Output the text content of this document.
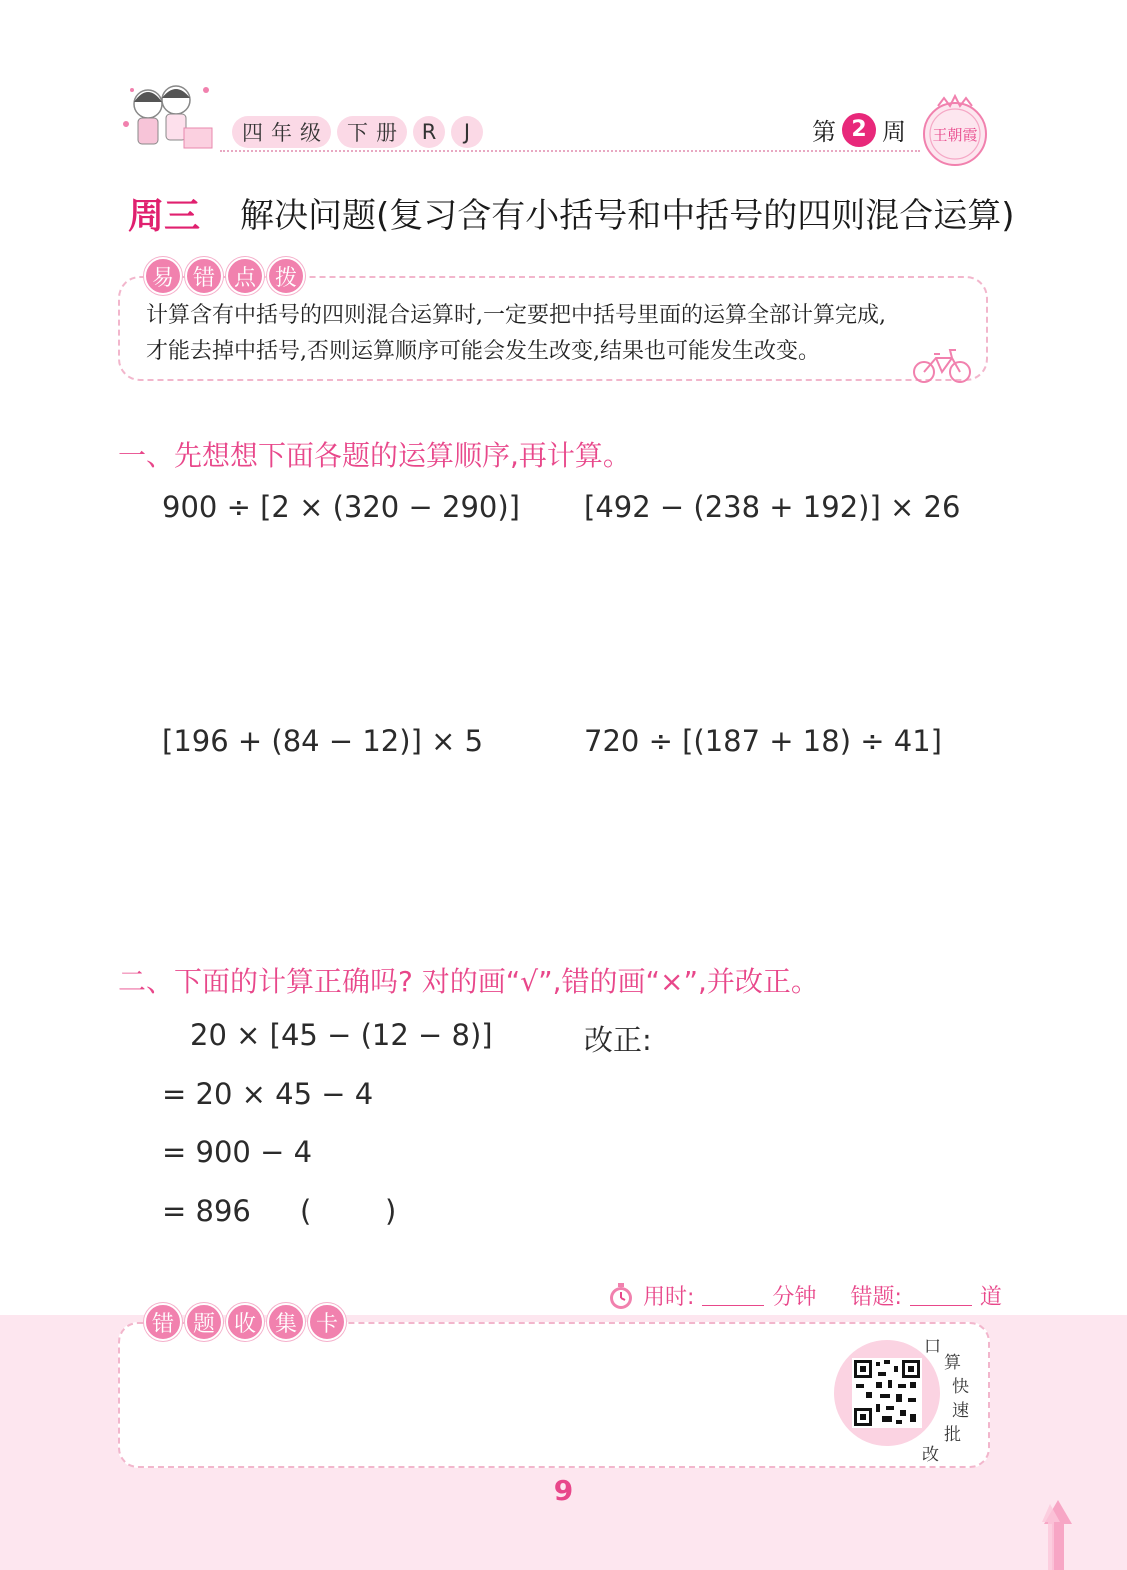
四 年 级 下 册 R J	第 2 周 王朝霞
周三 解决问题(复习含有小括号和中括号的四则混合运算)
易 错 点 拨
计算含有中括号的四则混合运算时,一定要把中括号里面的运算全部计算完成,
才能去掉中括号,否则运算顺序可能会发生改变,结果也可能发生改变。
一、先想想下面各题的运算顺序,再计算。
900 ÷ [2 × (320 − 290)] [492 − (238 + 192)] × 26
[196 + (84 − 12)] × 5	720 ÷ [(187 + 18) ÷ 41]
二、下面的计算正确吗? 对的画“√”,错的画“×”,并改正。
20 × [45 − (12 − 8)]
= 20 × 45 − 4
= 900 − 4
= 896 (        )
改正:
用时:	分钟 错题:	道
错 题 收 集 卡
口
算
快
速
批
改
9
